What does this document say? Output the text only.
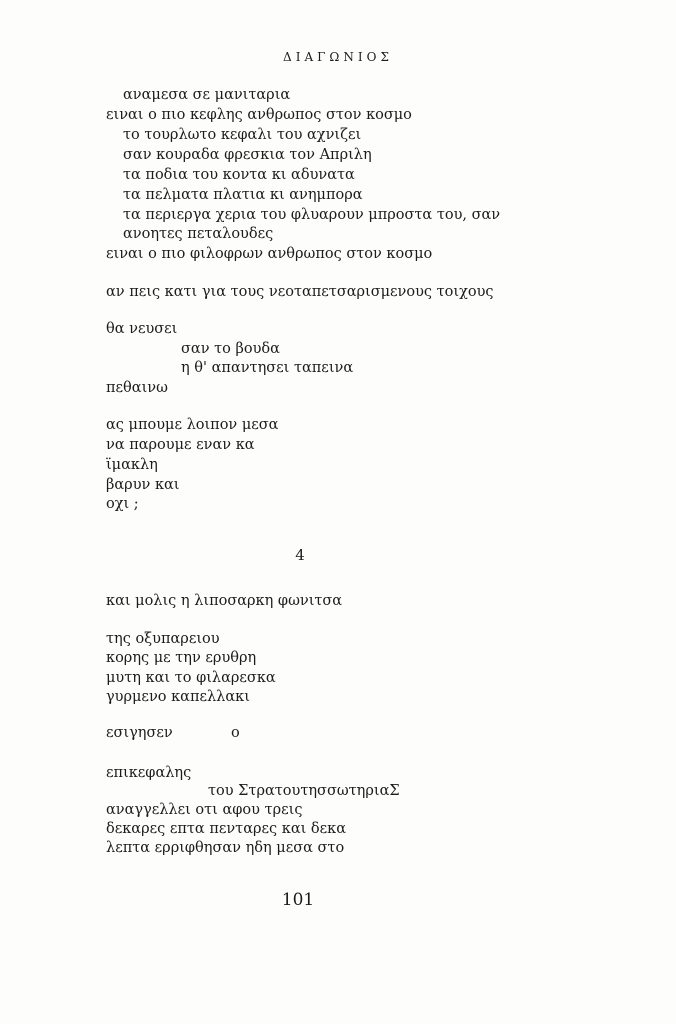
ΔΙΑΓΩΝΙΟΣ
αναμεσα σε μανιταρια
ειναι ο πιο κεφλης ανθρωπος στον κοσμο
το τουρλωτο κεφαλι του αχνιζει
σαν κουραδα φρεσκια τον Απριλη
τα ποδια του κοντα κι αδυνατα
τα πελματα πλατια κι ανημπορα
τα περιεργα χερια του φλυαρουν μπροστα του, σαν
ανοητες πεταλουδες
ειναι ο πιο φιλοφρων ανθρωπος στον κοσμο
αν πεις κατι για τους νεοταπετσαρισμενους τοιχους
θα νευσει
σαν το βουδα
η θ' απαντησει ταπεινα
πεθαινω
ας μπουμε λοιπον μεσα
να παρουμε εναν κα
ϊμακλη
βαρυν και
οχι ;
4
και μολις η λιποσαρκη φωνιτσα
της οξυπαρειου
κορης με την ερυθρη
μυτη και το φιλαρεσκα
γυρμενο καπελλακι
εσιγησεν	ο
επικεφαλης
του ΣτρατουτησσωτηριαΣ
αναγγελλει οτι αφου τρεις
δεκαρες επτα πενταρες και δεκα
λεπτα ερριφθησαν ηδη μεσα στο
101
